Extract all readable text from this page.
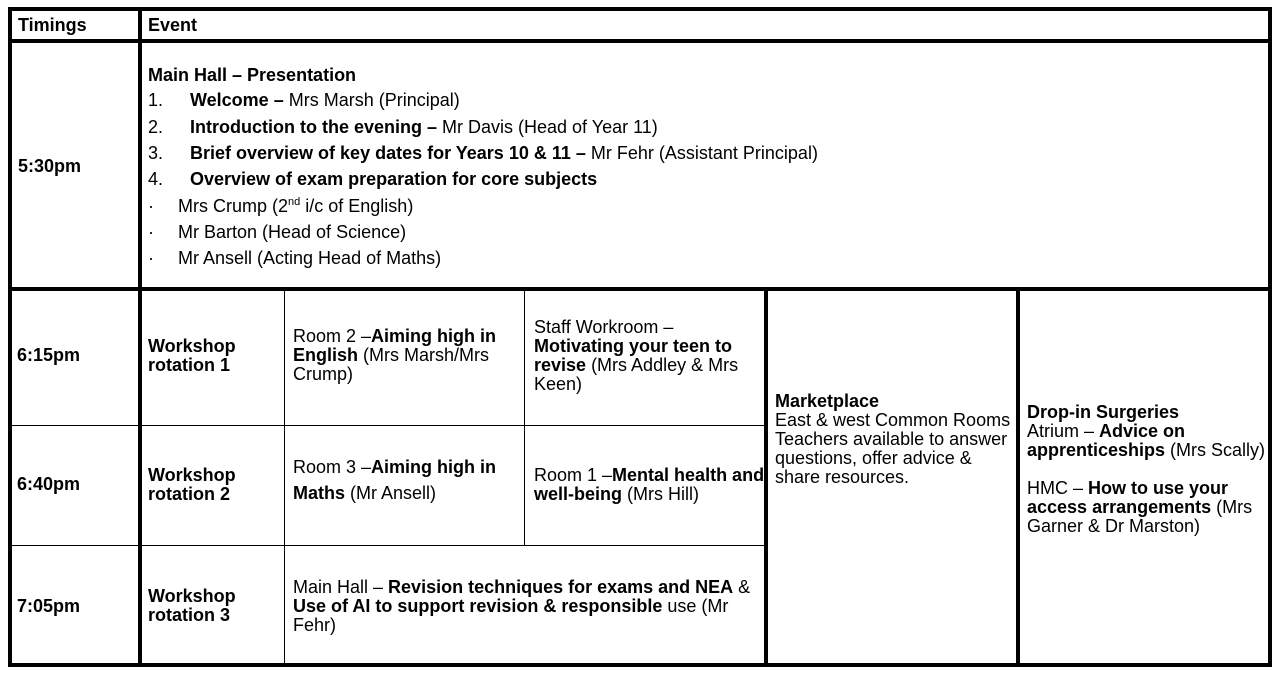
Timings	Event
5:30pm
Main Hall – Presentation
1. Welcome – Mrs Marsh (Principal)
2. Introduction to the evening – Mr Davis (Head of Year 11)
3. Brief overview of key dates for Years 10 & 11 – Mr Fehr (Assistant Principal)
4. Overview of exam preparation for core subjects
· Mrs Crump (2nd i/c of English)
· Mr Barton (Head of Science)
· Mr Ansell (Acting Head of Maths)
6:15pm
6:40pm
7:05pm
Workshop rotation 1
Room 2 –Aiming high in English (Mrs Marsh/Mrs Crump)
Staff Workroom – Motivating your teen to revise (Mrs Addley & Mrs Keen)
Workshop rotation 2
Room 3 –Aiming high in Maths (Mr Ansell)
Room 1 –Mental health and well-being (Mrs Hill)
Workshop rotation 3
Main Hall – Revision techniques for exams and NEA & Use of AI to support revision & responsible use (Mr Fehr)
Marketplace
East & west Common Rooms
Teachers available to answer questions, offer advice & share resources.
Drop-in Surgeries
Atrium – Advice on apprenticeships (Mrs Scally)

HMC – How to use your access arrangements (Mrs Garner & Dr Marston)
